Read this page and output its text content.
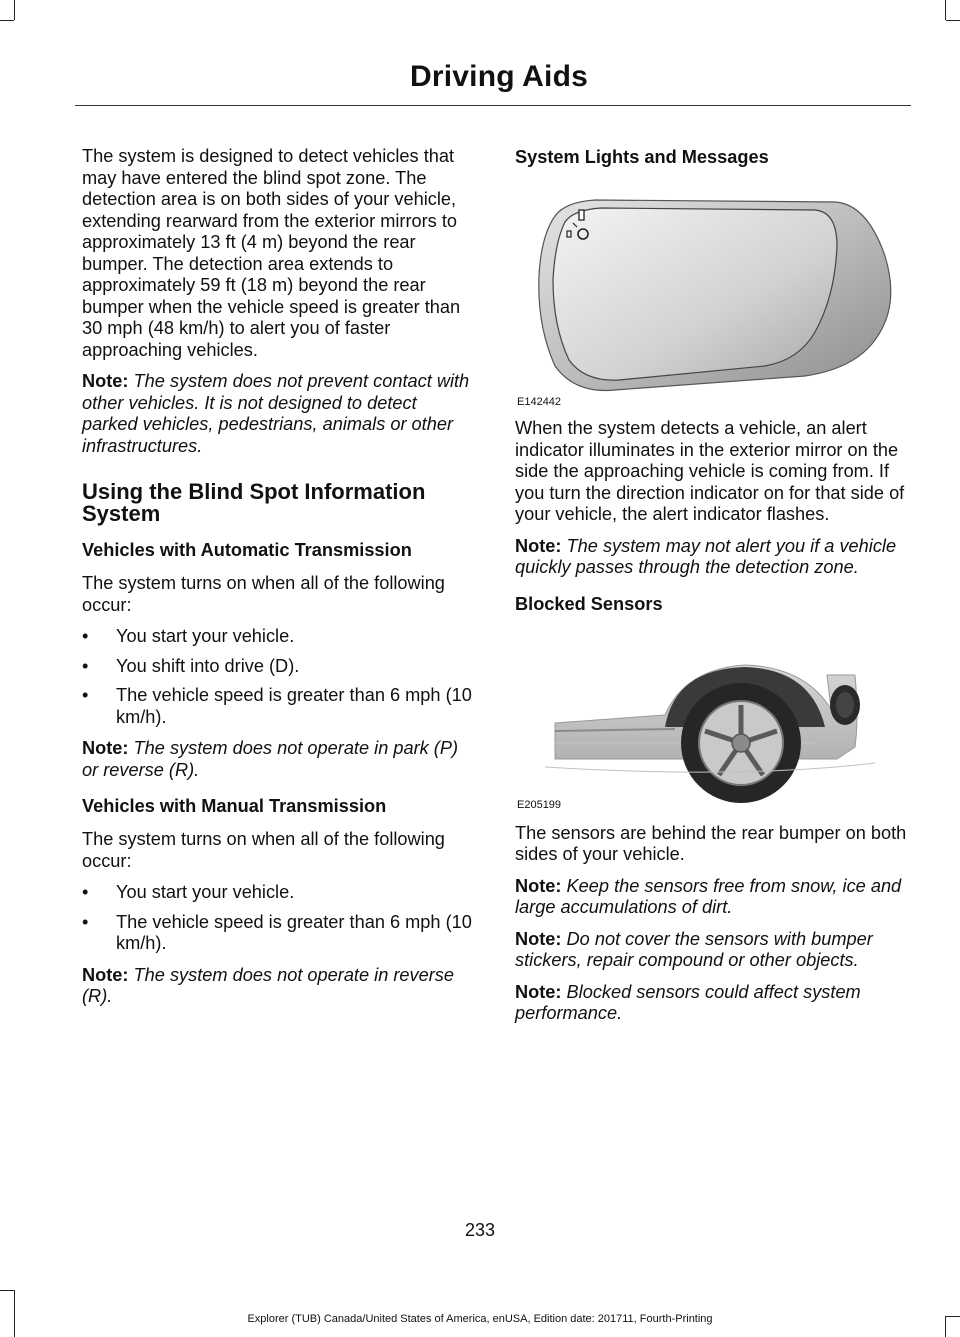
Driving Aids

The system is designed to detect vehicles that may have entered the blind spot zone. The detection area is on both sides of your vehicle, extending rearward from the exterior mirrors to approximately 13 ft (4 m) beyond the rear bumper. The detection area extends to approximately 59 ft (18 m) beyond the rear bumper when the vehicle speed is greater than 30 mph (48 km/h) to alert you of faster approaching vehicles.

Note: The system does not prevent contact with other vehicles. It is not designed to detect parked vehicles, pedestrians, animals or other infrastructures.

Using the Blind Spot Information System
Vehicles with Automatic Transmission

The system turns on when all of the following occur:

• You start your vehicle.
• You shift into drive (D).
• The vehicle speed is greater than 6 mph (10 km/h).

Note: The system does not operate in park (P) or reverse (R).

Vehicles with Manual Transmission

The system turns on when all of the following occur:

• You start your vehicle.
• The vehicle speed is greater than 6 mph (10 km/h).

Note: The system does not operate in reverse (R).

System Lights and Messages
E142442

When the system detects a vehicle, an alert indicator illuminates in the exterior mirror on the side the approaching vehicle is coming from. If you turn the direction indicator on for that side of your vehicle, the alert indicator flashes.

Note: The system may not alert you if a vehicle quickly passes through the detection zone.

Blocked Sensors
E205199

The sensors are behind the rear bumper on both sides of your vehicle.

Note: Keep the sensors free from snow, ice and large accumulations of dirt.

Note: Do not cover the sensors with bumper stickers, repair compound or other objects.

Note: Blocked sensors could affect system performance.

233
Explorer (TUB) Canada/United States of America, enUSA, Edition date: 201711, Fourth-Printing
